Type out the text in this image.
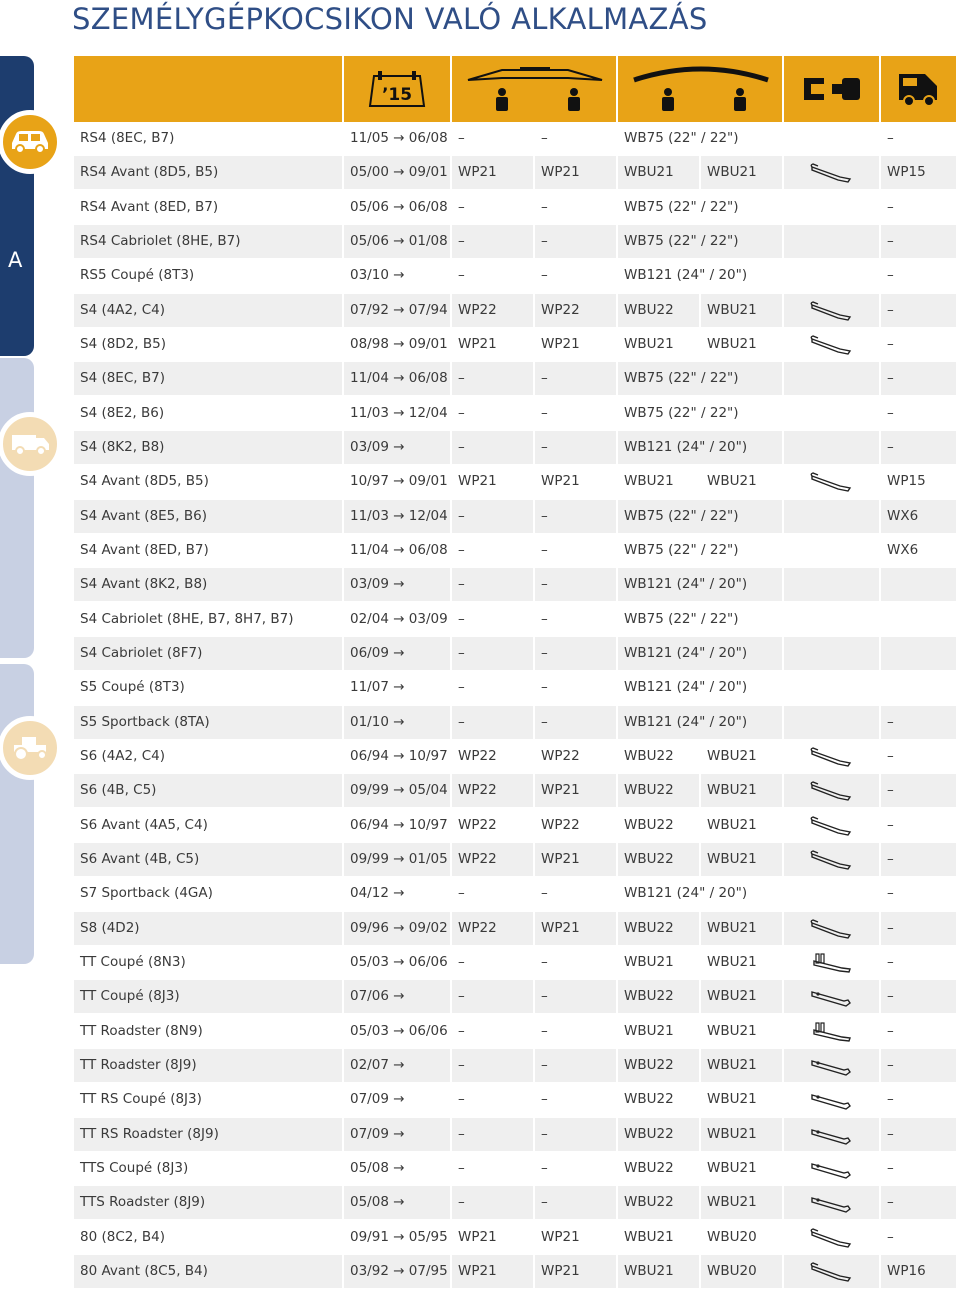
SZEMÉLYGÉPKOCSIKON VALÓ ALKALMAZÁS
A
’15
RS4 (8EC, B7)	11/05 → 06/08 –	–	WB75 (22" / 22")	–
RS4 Avant (8D5, B5)	05/00 → 09/01 WP21	WP21	WBU21	WBU21	WP15
RS4 Avant (8ED, B7)	05/06 → 06/08 –	–	WB75 (22" / 22")	–
RS4 Cabriolet (8HE, B7)	05/06 → 01/08 –	–	WB75 (22" / 22")	–
RS5 Coupé (8T3)	03/10 →	–	–	WB121 (24" / 20")	–
S4 (4A2, C4)	07/92 → 07/94 WP22	WP22	WBU22	WBU21	–
S4 (8D2, B5)	08/98 → 09/01 WP21	WP21	WBU21	WBU21	–
S4 (8EC, B7)	11/04 → 06/08 –	–	WB75 (22" / 22")	–
S4 (8E2, B6)	11/03 → 12/04 –	–	WB75 (22" / 22")	–
S4 (8K2, B8)	03/09 →	–	–	WB121 (24" / 20")	–
S4 Avant (8D5, B5)	10/97 → 09/01 WP21	WP21	WBU21	WBU21	WP15
S4 Avant (8E5, B6)	11/03 → 12/04 –	–	WB75 (22" / 22")	WX6
S4 Avant (8ED, B7)	11/04 → 06/08 –	–	WB75 (22" / 22")	WX6
S4 Avant (8K2, B8)	03/09 →	–	–	WB121 (24" / 20")
S4 Cabriolet (8HE, B7, 8H7, B7)	02/04 → 03/09 –	–	WB75 (22" / 22")
S4 Cabriolet (8F7)	06/09 →	–	–	WB121 (24" / 20")
S5 Coupé (8T3)	11/07 →	–	–	WB121 (24" / 20")
S5 Sportback (8TA)	01/10 →	–	–	WB121 (24" / 20")	–
S6 (4A2, C4)	06/94 → 10/97 WP22	WP22	WBU22	WBU21	–
S6 (4B, C5)	09/99 → 05/04 WP22	WP21	WBU22	WBU21	–
S6 Avant (4A5, C4)	06/94 → 10/97 WP22	WP22	WBU22	WBU21	–
S6 Avant (4B, C5)	09/99 → 01/05 WP22	WP21	WBU22	WBU21	–
S7 Sportback (4GA)	04/12 →	–	–	WB121 (24" / 20")	–
S8 (4D2)	09/96 → 09/02 WP22	WP21	WBU22	WBU21	–
TT Coupé (8N3)	05/03 → 06/06 –	–	WBU21	WBU21	–
TT Coupé (8J3)	07/06 →	–	–	WBU22	WBU21	–
TT Roadster (8N9)	05/03 → 06/06 –	–	WBU21	WBU21	–
TT Roadster (8J9)	02/07 →	–	–	WBU22	WBU21	–
TT RS Coupé (8J3)	07/09 →	–	–	WBU22	WBU21	–
TT RS Roadster (8J9)	07/09 →	–	–	WBU22	WBU21	–
TTS Coupé (8J3)	05/08 →	–	–	WBU22	WBU21	–
TTS Roadster (8J9)	05/08 →	–	–	WBU22	WBU21	–
80 (8C2, B4)	09/91 → 05/95 WP21	WP21	WBU21	WBU20	–
80 Avant (8C5, B4)	03/92 → 07/95 WP21	WP21	WBU21	WBU20	WP16
